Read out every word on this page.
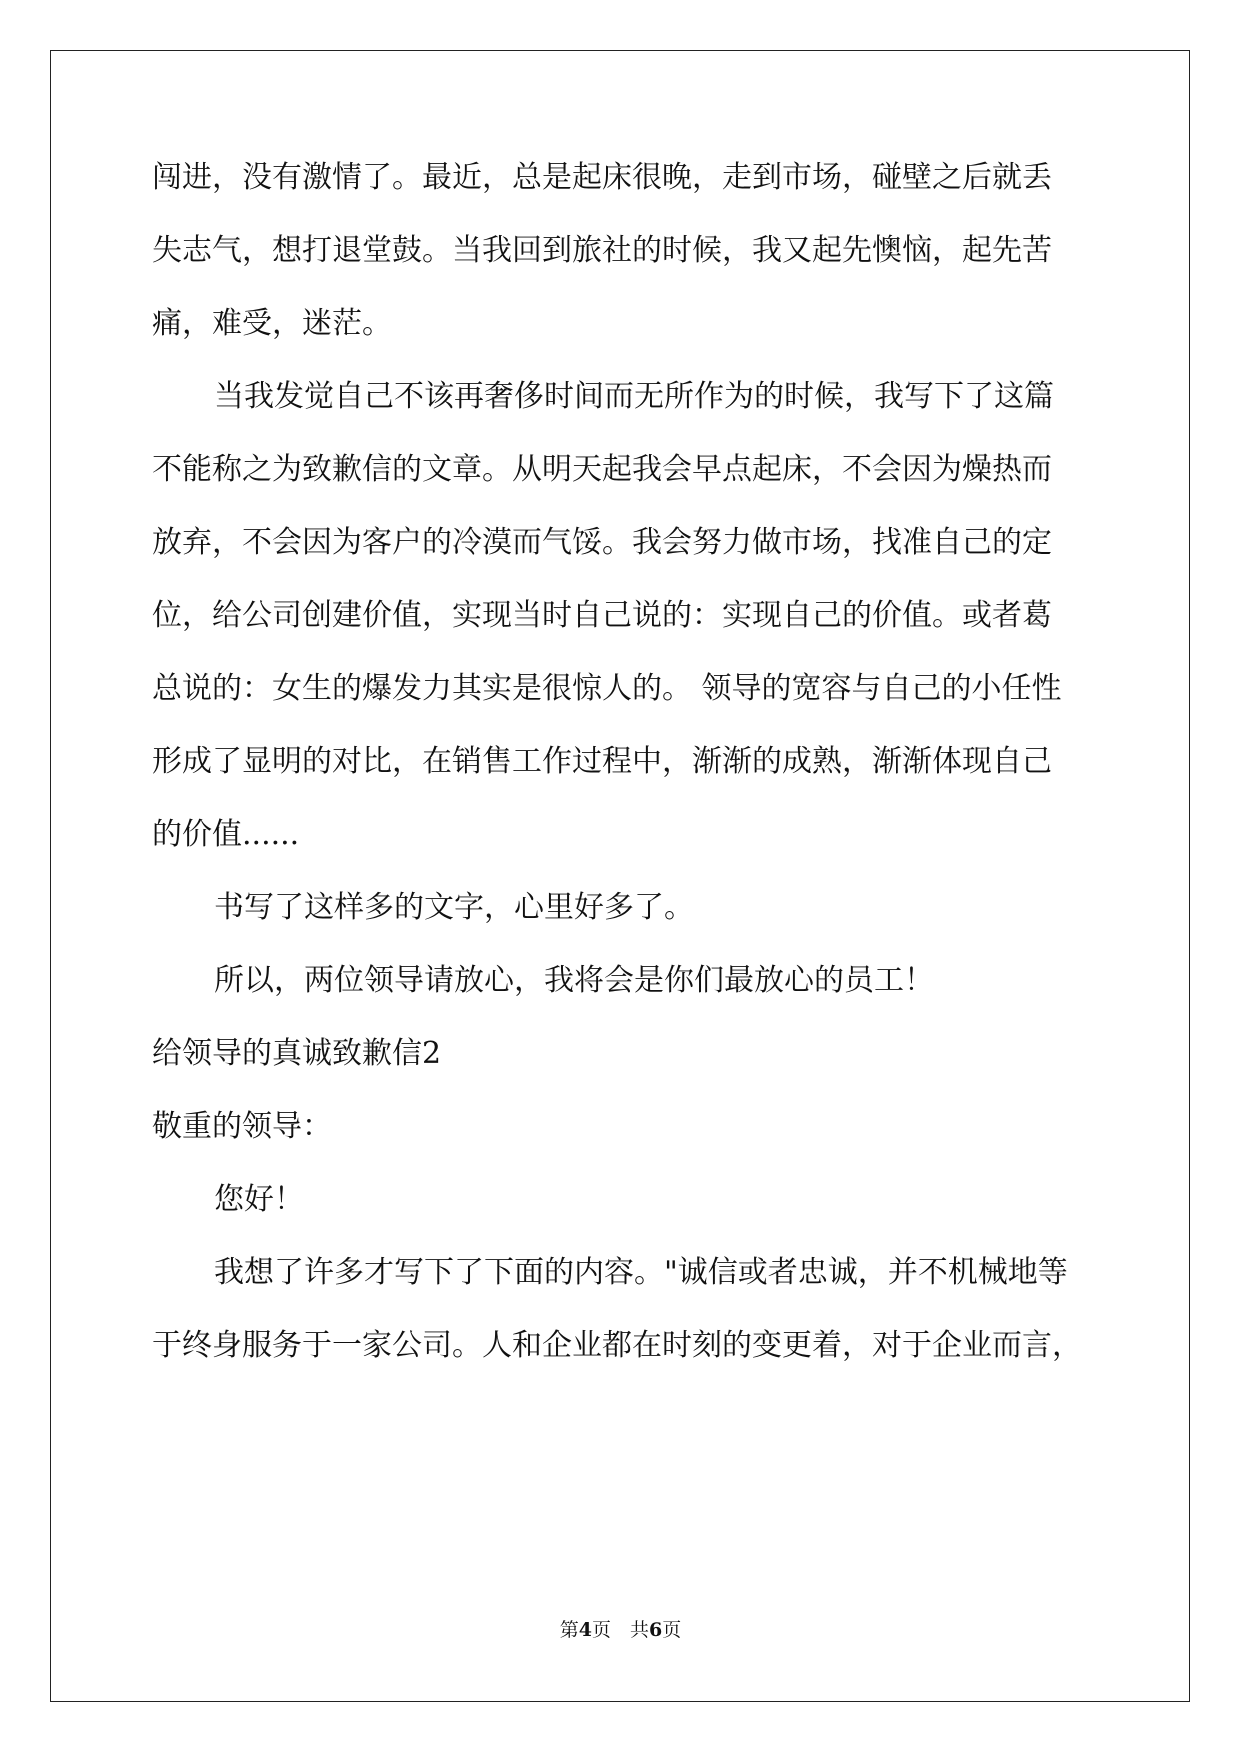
闯进，没有激情了。最近，总是起床很晚，走到市场，碰壁之后就丢
失志气，想打退堂鼓。当我回到旅社的时候，我又起先懊恼，起先苦
痛，难受，迷茫。
当我发觉自己不该再奢侈时间而无所作为的时候，我写下了这篇
不能称之为致歉信的文章。从明天起我会早点起床，不会因为燥热而
放弃，不会因为客户的冷漠而气馁。我会努力做市场，找准自己的定
位，给公司创建价值，实现当时自己说的：实现自己的价值。或者葛
总说的：女生的爆发力其实是很惊人的。 领导的宽容与自己的小任性
形成了显明的对比，在销售工作过程中，渐渐的成熟，渐渐体现自己
的价值......
书写了这样多的文字，心里好多了。
所以，两位领导请放心，我将会是你们最放心的员工！
给领导的真诚致歉信2
敬重的领导：
您好！
我想了许多才写下了下面的内容。"诚信或者忠诚，并不机械地等
于终身服务于一家公司。人和企业都在时刻的变更着，对于企业而言，
第4页　共6页
